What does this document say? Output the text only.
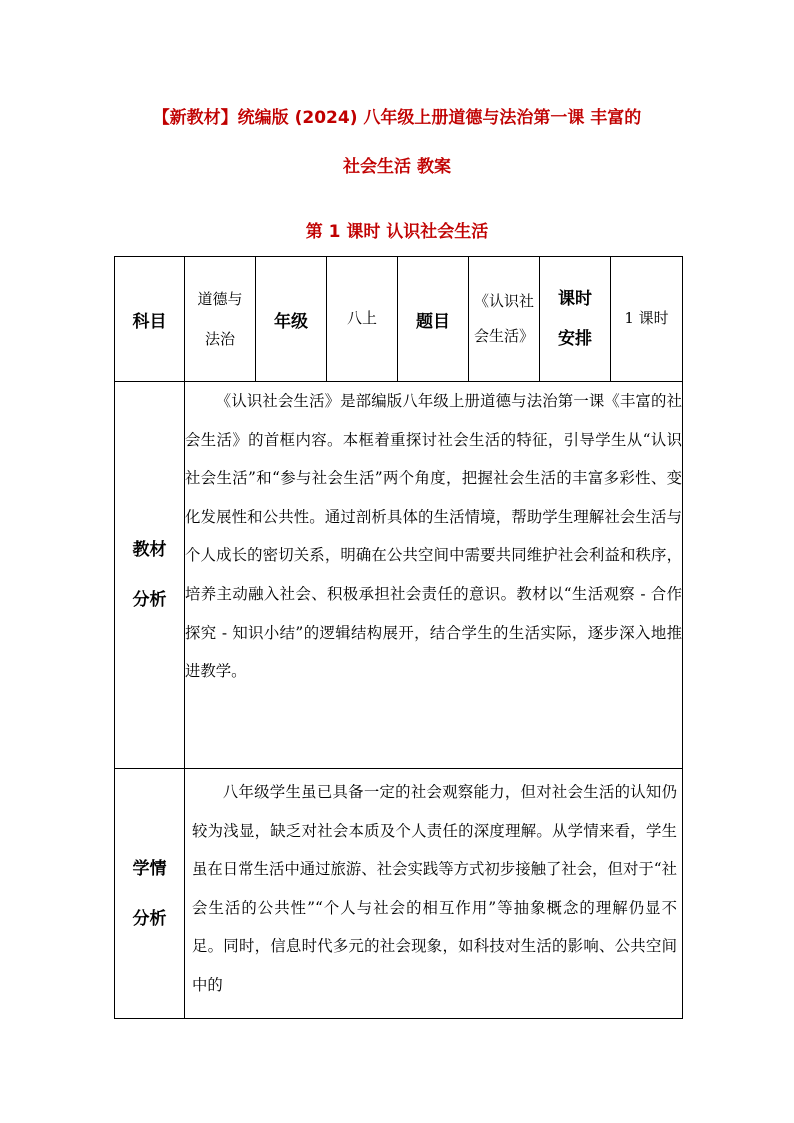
【新教材】统编版 (2024) 八年级上册道德与法治第一课 丰富的
社会生活 教案
第 1 课时 认识社会生活
科目	道德与法治	年级	八上	题目	《认识社会生活》	课时安排	1 课时
教材分析	《认识社会生活》是部编版八年级上册道德与法治第一课《丰富的社会生活》的首框内容。本框着重探讨社会生活的特征，引导学生从“认识社会生活”和“参与社会生活”两个角度，把握社会生活的丰富多彩性、变化发展性和公共性。通过剖析具体的生活情境，帮助学生理解社会生活与个人成长的密切关系，明确在公共空间中需要共同维护社会利益和秩序，培养主动融入社会、积极承担社会责任的意识。教材以“生活观察 - 合作探究 - 知识小结”的逻辑结构展开，结合学生的生活实际，逐步深入地推进教学。						
学情分析	八年级学生虽已具备一定的社会观察能力，但对社会生活的认知仍较为浅显，缺乏对社会本质及个人责任的深度理解。从学情来看，学生虽在日常生活中通过旅游、社会实践等方式初步接触了社会，但对于“社会生活的公共性”“个人与社会的相互作用”等抽象概念的理解仍显不足。同时，信息时代多元的社会现象，如科技对生活的影响、公共空间中的						
